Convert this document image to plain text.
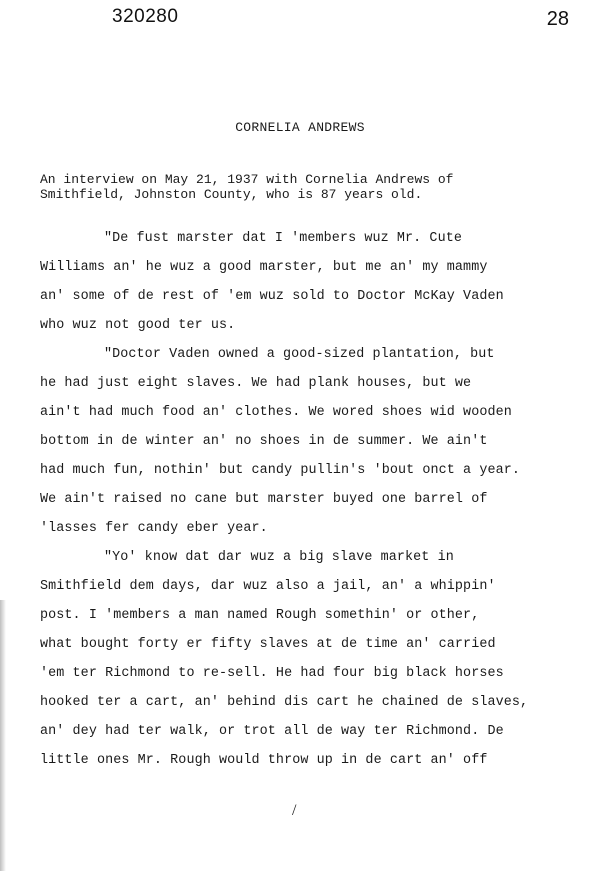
320280	28
CORNELIA ANDREWS
An interview on May 21, 1937 with Cornelia Andrews of
Smithfield, Johnston County, who is 87 years old.
"De fust marster dat I 'members wuz Mr. Cute
Williams an' he wuz a good marster, but me an' my mammy
an' some of de rest of 'em wuz sold to Doctor McKay Vaden
who wuz not good ter us.
"Doctor Vaden owned a good-sized plantation, but
he had just eight slaves. We had plank houses, but we
ain't had much food an' clothes. We wored shoes wid wooden
bottom in de winter an' no shoes in de summer. We ain't
had much fun, nothin' but candy pullin's 'bout onct a year.
We ain't raised no cane but marster buyed one barrel of
'lasses fer candy eber year.
"Yo' know dat dar wuz a big slave market in
Smithfield dem days, dar wuz also a jail, an' a whippin'
post. I 'members a man named Rough somethin' or other,
what bought forty er fifty slaves at de time an' carried
'em ter Richmond to re-sell. He had four big black horses
hooked ter a cart, an' behind dis cart he chained de slaves,
an' dey had ter walk, or trot all de way ter Richmond. De
little ones Mr. Rough would throw up in de cart an' off
/
